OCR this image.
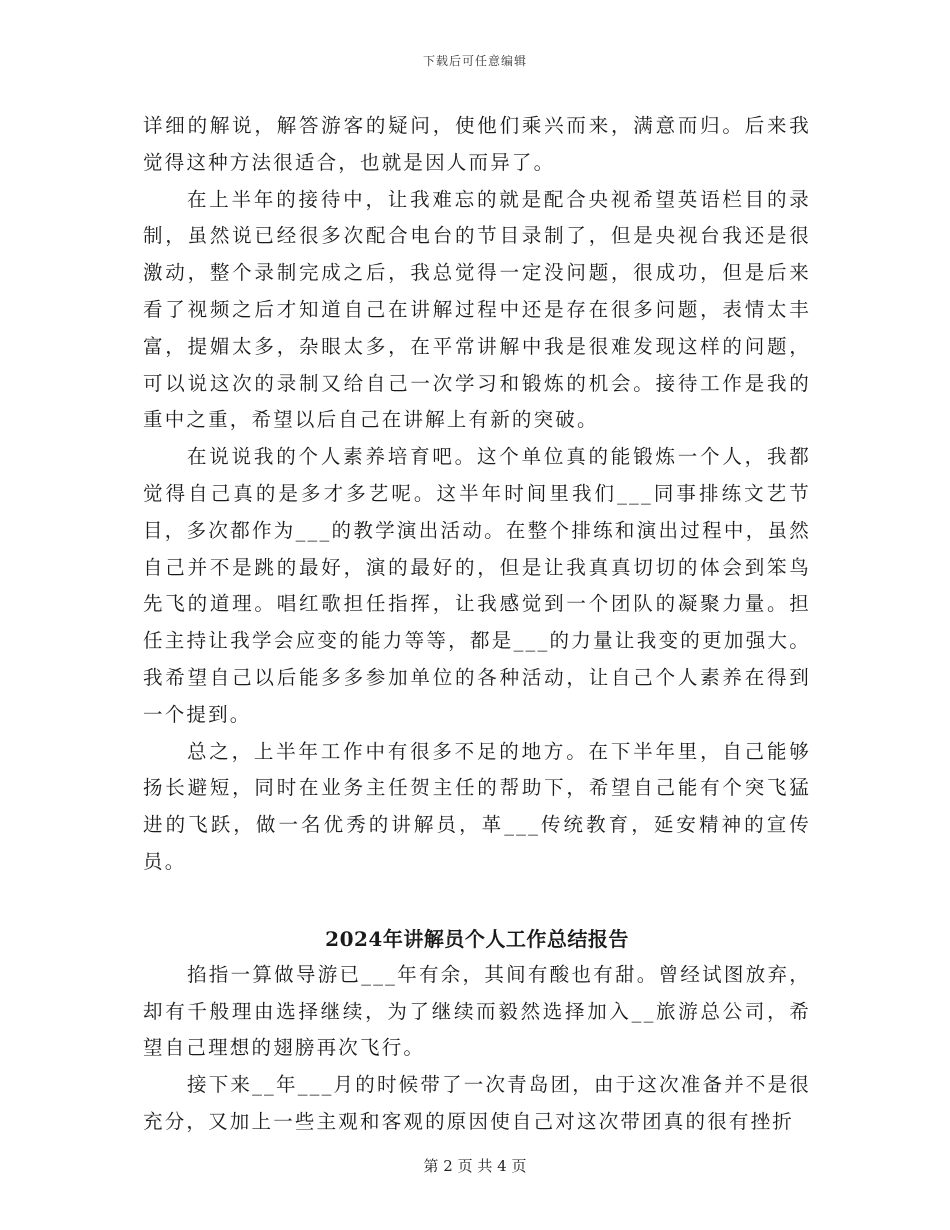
下载后可任意编辑

详细的解说，解答游客的疑问，使他们乘兴而来，满意而归。后来我觉得这种方法很适合，也就是因人而异了。

在上半年的接待中，让我难忘的就是配合央视希望英语栏目的录制，虽然说已经很多次配合电台的节目录制了，但是央视台我还是很激动，整个录制完成之后，我总觉得一定没问题，很成功，但是后来看了视频之后才知道自己在讲解过程中还是存在很多问题，表情太丰富，提媚太多，杂眼太多，在平常讲解中我是很难发现这样的问题，可以说这次的录制又给自己一次学习和锻炼的机会。接待工作是我的重中之重，希望以后自己在讲解上有新的突破。

在说说我的个人素养培育吧。这个单位真的能锻炼一个人，我都觉得自己真的是多才多艺呢。这半年时间里我们___同事排练文艺节目，多次都作为___的教学演出活动。在整个排练和演出过程中，虽然自己并不是跳的最好，演的最好的，但是让我真真切切的体会到笨鸟先飞的道理。唱红歌担任指挥，让我感觉到一个团队的凝聚力量。担任主持让我学会应变的能力等等，都是___的力量让我变的更加强大。我希望自己以后能多多参加单位的各种活动，让自己个人素养在得到一个提到。

总之，上半年工作中有很多不足的地方。在下半年里，自己能够扬长避短，同时在业务主任贺主任的帮助下，希望自己能有个突飞猛进的飞跃，做一名优秀的讲解员，革___传统教育，延安精神的宣传员。

2024年讲解员个人工作总结报告

掐指一算做导游已___年有余，其间有酸也有甜。曾经试图放弃，却有千般理由选择继续，为了继续而毅然选择加入__旅游总公司，希望自己理想的翅膀再次飞行。

接下来__年___月的时候带了一次青岛团，由于这次准备并不是很充分，又加上一些主观和客观的原因使自己对这次带团真的很有挫折

第 2 页 共 4 页
